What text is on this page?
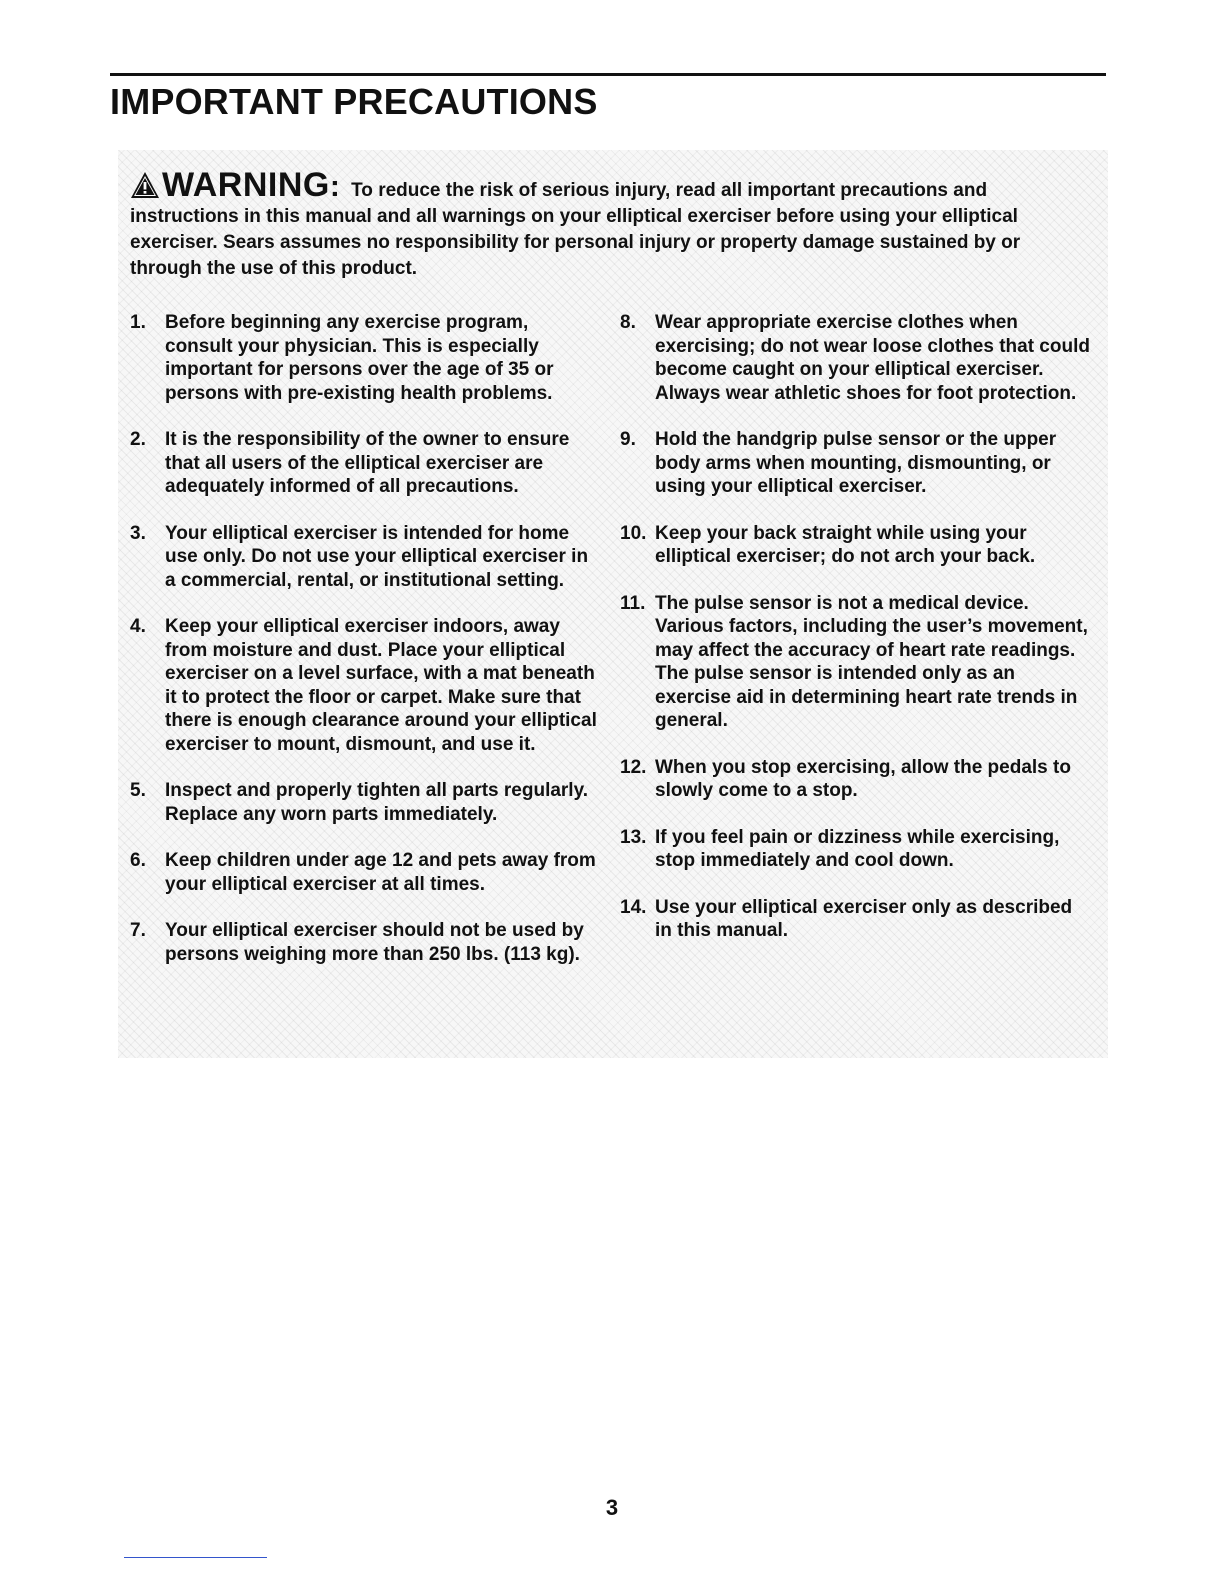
IMPORTANT PRECAUTIONS
WARNING: To reduce the risk of serious injury, read all important precautions and instructions in this manual and all warnings on your elliptical exerciser before using your elliptical exerciser. Sears assumes no responsibility for personal injury or property damage sustained by or through the use of this product.
1. Before beginning any exercise program, consult your physician. This is especially important for persons over the age of 35 or persons with pre-existing health problems.
2. It is the responsibility of the owner to ensure that all users of the elliptical exerciser are adequately informed of all precautions.
3. Your elliptical exerciser is intended for home use only. Do not use your elliptical exerciser in a commercial, rental, or institutional setting.
4. Keep your elliptical exerciser indoors, away from moisture and dust. Place your elliptical exerciser on a level surface, with a mat beneath it to protect the floor or carpet. Make sure that there is enough clearance around your elliptical exerciser to mount, dismount, and use it.
5. Inspect and properly tighten all parts regularly. Replace any worn parts immediately.
6. Keep children under age 12 and pets away from your elliptical exerciser at all times.
7. Your elliptical exerciser should not be used by persons weighing more than 250 lbs. (113 kg).
8. Wear appropriate exercise clothes when exercising; do not wear loose clothes that could become caught on your elliptical exerciser. Always wear athletic shoes for foot protection.
9. Hold the handgrip pulse sensor or the upper body arms when mounting, dismounting, or using your elliptical exerciser.
10. Keep your back straight while using your elliptical exerciser; do not arch your back.
11. The pulse sensor is not a medical device. Various factors, including the user’s movement, may affect the accuracy of heart rate readings. The pulse sensor is intended only as an exercise aid in determining heart rate trends in general.
12. When you stop exercising, allow the pedals to slowly come to a stop.
13. If you feel pain or dizziness while exercising, stop immediately and cool down.
14. Use your elliptical exerciser only as described in this manual.
3
